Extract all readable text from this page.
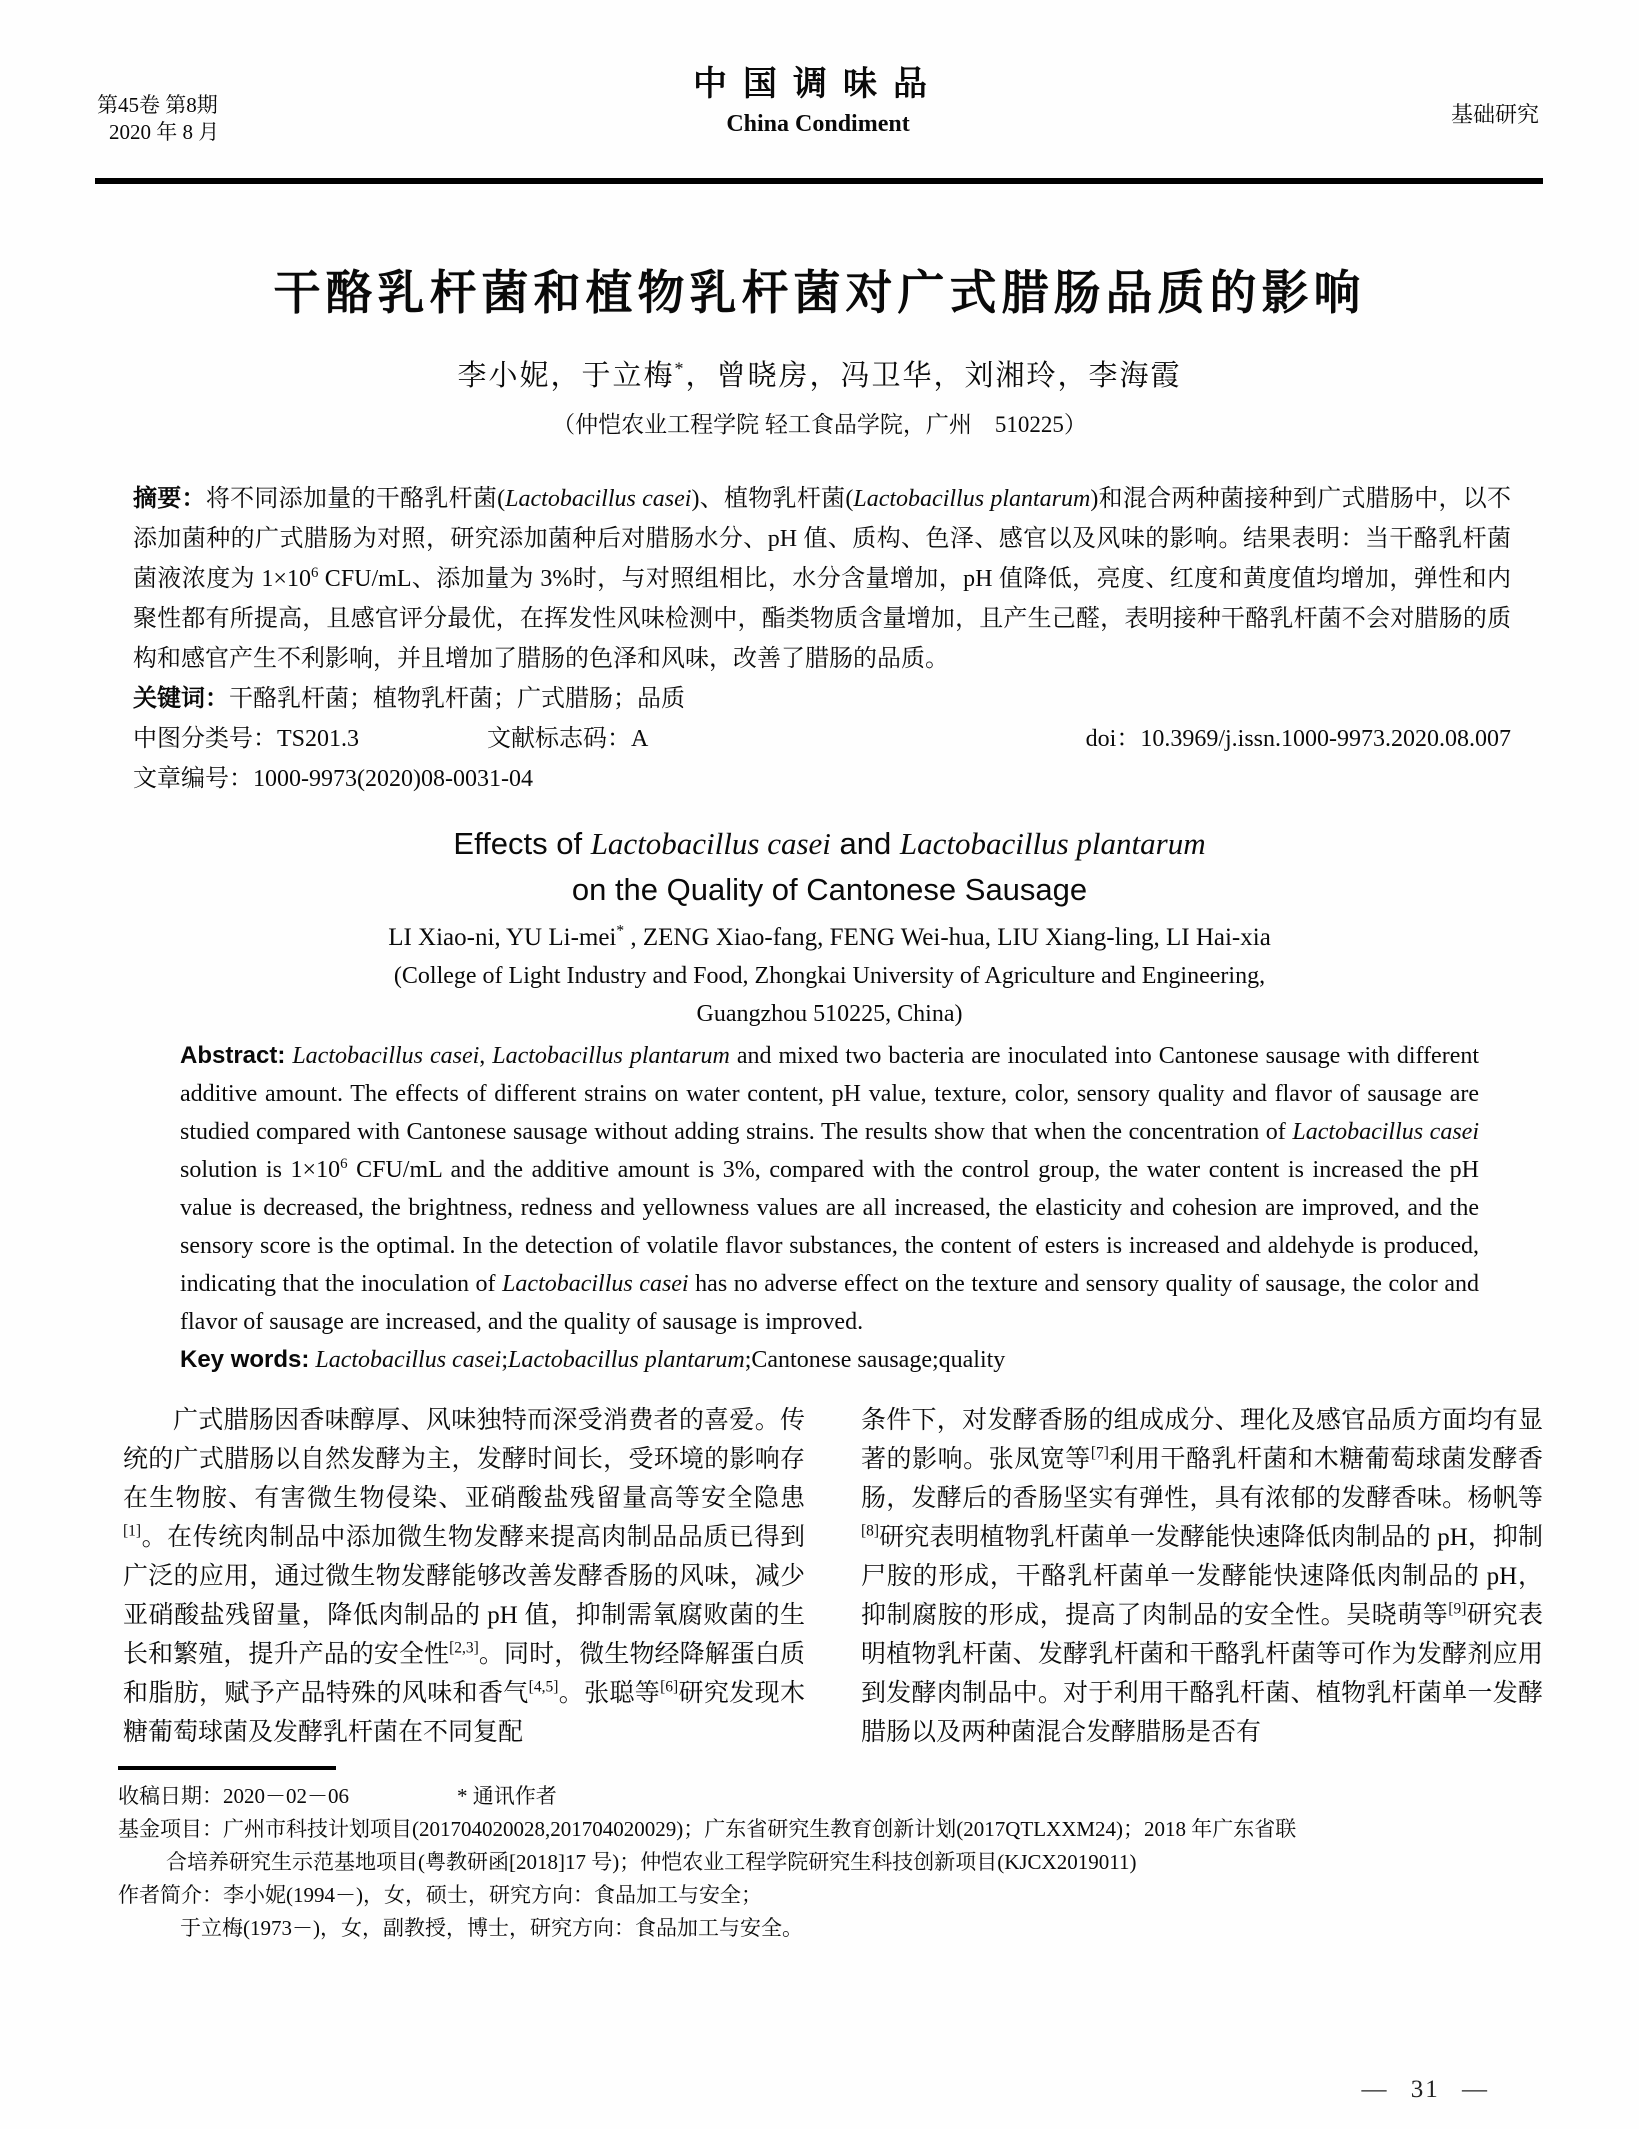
第45卷 第8期
2020 年 8 月
中国调味品
China Condiment	基础研究
干酪乳杆菌和植物乳杆菌对广式腊肠品质的影响
李小妮，于立梅*，曾晓房，冯卫华，刘湘玲，李海霞
（仲恺农业工程学院 轻工食品学院，广州　510225）
摘要：将不同添加量的干酪乳杆菌(Lactobacillus casei)、植物乳杆菌(Lactobacillus plantarum)和混合两种菌接种到广式腊肠中，以不添加菌种的广式腊肠为对照，研究添加菌种后对腊肠水分、pH 值、质构、色泽、感官以及风味的影响。结果表明：当干酪乳杆菌菌液浓度为 $1\times 10^6$ CFU/mL、添加量为 3%时，与对照组相比，水分含量增加，pH 值降低，亮度、红度和黄度值均增加，弹性和内聚性都有所提高，且感官评分最优，在挥发性风味检测中，酯类物质含量增加，且产生己醛，表明接种干酪乳杆菌不会对腊肠的质构和感官产生不利影响，并且增加了腊肠的色泽和风味，改善了腊肠的品质。
关键词：干酪乳杆菌；植物乳杆菌；广式腊肠；品质
中图分类号：TS201.3	文献标志码：A	doi：10.3969/j.issn.1000-9973.2020.08.007
文章编号：1000-9973(2020)08-0031-04
Effects of Lactobacillus casei and Lactobacillus plantarum
on the Quality of Cantonese Sausage
LI Xiao-ni, YU Li-mei* , ZENG Xiao-fang, FENG Wei-hua, LIU Xiang-ling, LI Hai-xia
(College of Light Industry and Food, Zhongkai University of Agriculture and Engineering,
Guangzhou 510225, China)
Abstract: Lactobacillus casei, Lactobacillus plantarum and mixed two bacteria are inoculated into Cantonese sausage with different additive amount. The effects of different strains on water content, pH value, texture, color, sensory quality and flavor of sausage are studied compared with Cantonese sausage without adding strains. The results show that when the concentration of Lactobacillus casei solution is $1\times 10^6$ CFU/mL and the additive amount is 3%, compared with the control group, the water content is increased the pH value is decreased, the brightness, redness and yellowness values are all increased, the elasticity and cohesion are improved, and the sensory score is the optimal. In the detection of volatile flavor substances, the content of esters is increased and aldehyde is produced, indicating that the inoculation of Lactobacillus casei has no adverse effect on the texture and sensory quality of sausage, the color and flavor of sausage are increased, and the quality of sausage is improved.
Key words: Lactobacillus casei;Lactobacillus plantarum;Cantonese sausage;quality
广式腊肠因香味醇厚、风味独特而深受消费者的喜爱。传统的广式腊肠以自然发酵为主，发酵时间长，受环境的影响存在生物胺、有害微生物侵染、亚硝酸盐残留量高等安全隐患[1]。在传统肉制品中添加微生物发酵来提高肉制品品质已得到广泛的应用，通过微生物发酵能够改善发酵香肠的风味，减少亚硝酸盐残留量，降低肉制品的 pH 值，抑制需氧腐败菌的生长和繁殖，提升产品的安全性[2,3]。同时，微生物经降解蛋白质和脂肪，赋予产品特殊的风味和香气[4,5]。张聪等[6]研究发现木糖葡萄球菌及发酵乳杆菌在不同复配
条件下，对发酵香肠的组成成分、理化及感官品质方面均有显著的影响。张凤宽等[7]利用干酪乳杆菌和木糖葡萄球菌发酵香肠，发酵后的香肠坚实有弹性，具有浓郁的发酵香味。杨帆等[8]研究表明植物乳杆菌单一发酵能快速降低肉制品的 pH，抑制尸胺的形成，干酪乳杆菌单一发酵能快速降低肉制品的 pH，抑制腐胺的形成，提高了肉制品的安全性。吴晓萌等[9]研究表明植物乳杆菌、发酵乳杆菌和干酪乳杆菌等可作为发酵剂应用到发酵肉制品中。对于利用干酪乳杆菌、植物乳杆菌单一发酵腊肠以及两种菌混合发酵腊肠是否有
收稿日期：2020－02－06	* 通讯作者
基金项目：广州市科技计划项目(201704020028,201704020029)；广东省研究生教育创新计划(2017QTLXXM24)；2018 年广东省联
合培养研究生示范基地项目(粤教研函[2018]17 号)；仲恺农业工程学院研究生科技创新项目(KJCX2019011)
作者简介：李小妮(1994－)，女，硕士，研究方向：食品加工与安全；
于立梅(1973－)，女，副教授，博士，研究方向：食品加工与安全。
— 31 —
